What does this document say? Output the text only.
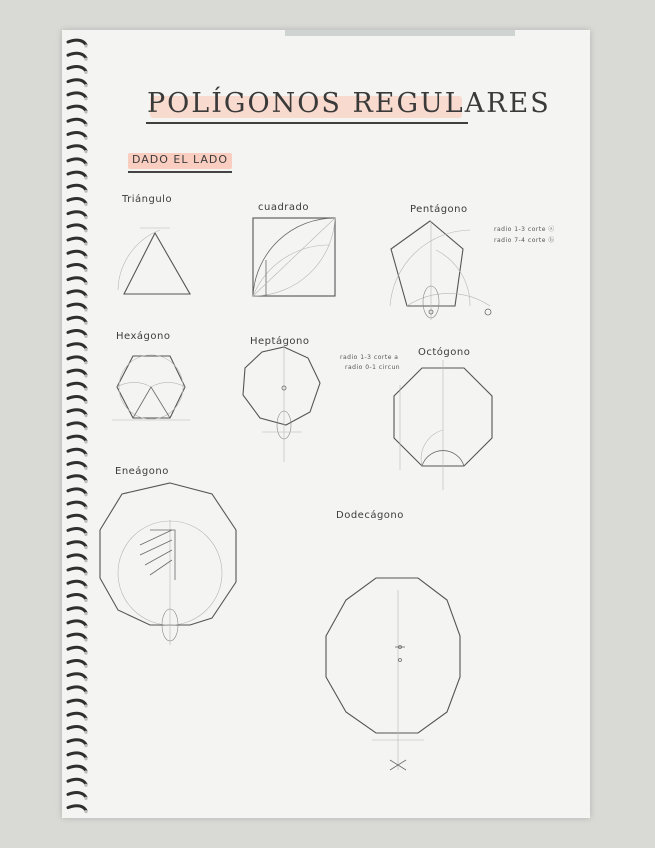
POLÍGONOS REGULARES
DADO EL LADO
Triángulo
cuadrado	Pentágono
Hexágono	Heptágono
Octógono
Eneágono
Dodecágono
radio 1-3 corte ⓐ
radio 7-4 corte ⓑ
radio 1-3 corte a
radio 0-1 circun
